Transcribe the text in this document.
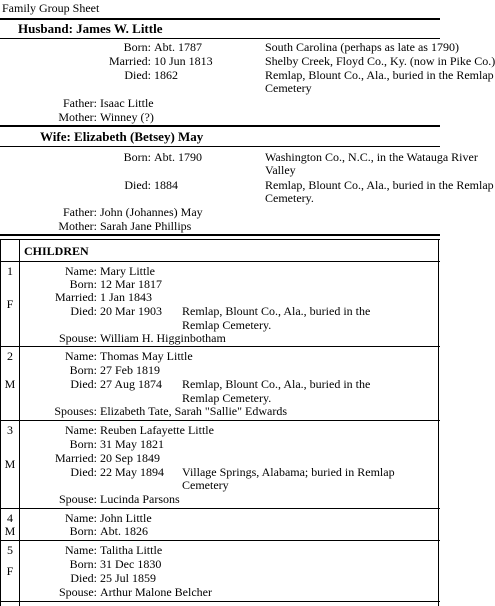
Family Group Sheet
Husband: James W. Little
Born: Abt. 1787	South Carolina (perhaps as late as 1790)
Married: 10 Jun 1813	Shelby Creek, Floyd Co., Ky. (now in Pike Co.)
Died: 1862	Remlap, Blount Co., Ala., buried in the Remlap
Cemetery
Father: Isaac Little
Mother: Winney (?)
Wife: Elizabeth (Betsey) May
Born: Abt. 1790	Washington Co., N.C., in the Watauga River
Valley
Died: 1884	Remlap, Blount Co., Ala., buried in the Remlap
Cemetery.
Father: John (Johannes) May
Mother: Sarah Jane Phillips
CHILDREN
1
F
Name: Mary Little
Born: 12 Mar 1817
Married: 1 Jan 1843
Died: 20 Mar 1903 Remlap, Blount Co., Ala., buried in the
Remlap Cemetery.
Spouse: William H. Higginbotham
2
M
Name: Thomas May Little
Born: 27 Feb 1819
Died: 27 Aug 1874 Remlap, Blount Co., Ala., buried in the
Remlap Cemetery.
Spouses: Elizabeth Tate, Sarah "Sallie" Edwards
3
M
Name: Reuben Lafayette Little
Born: 31 May 1821
Married: 20 Sep 1849
Died: 22 May 1894 Village Springs, Alabama; buried in Remlap
Cemetery
Spouse: Lucinda Parsons
4
M
Name: John Little
Born: Abt. 1826
5
F
Name: Talitha Little
Born: 31 Dec 1830
Died: 25 Jul 1859
Spouse: Arthur Malone Belcher
